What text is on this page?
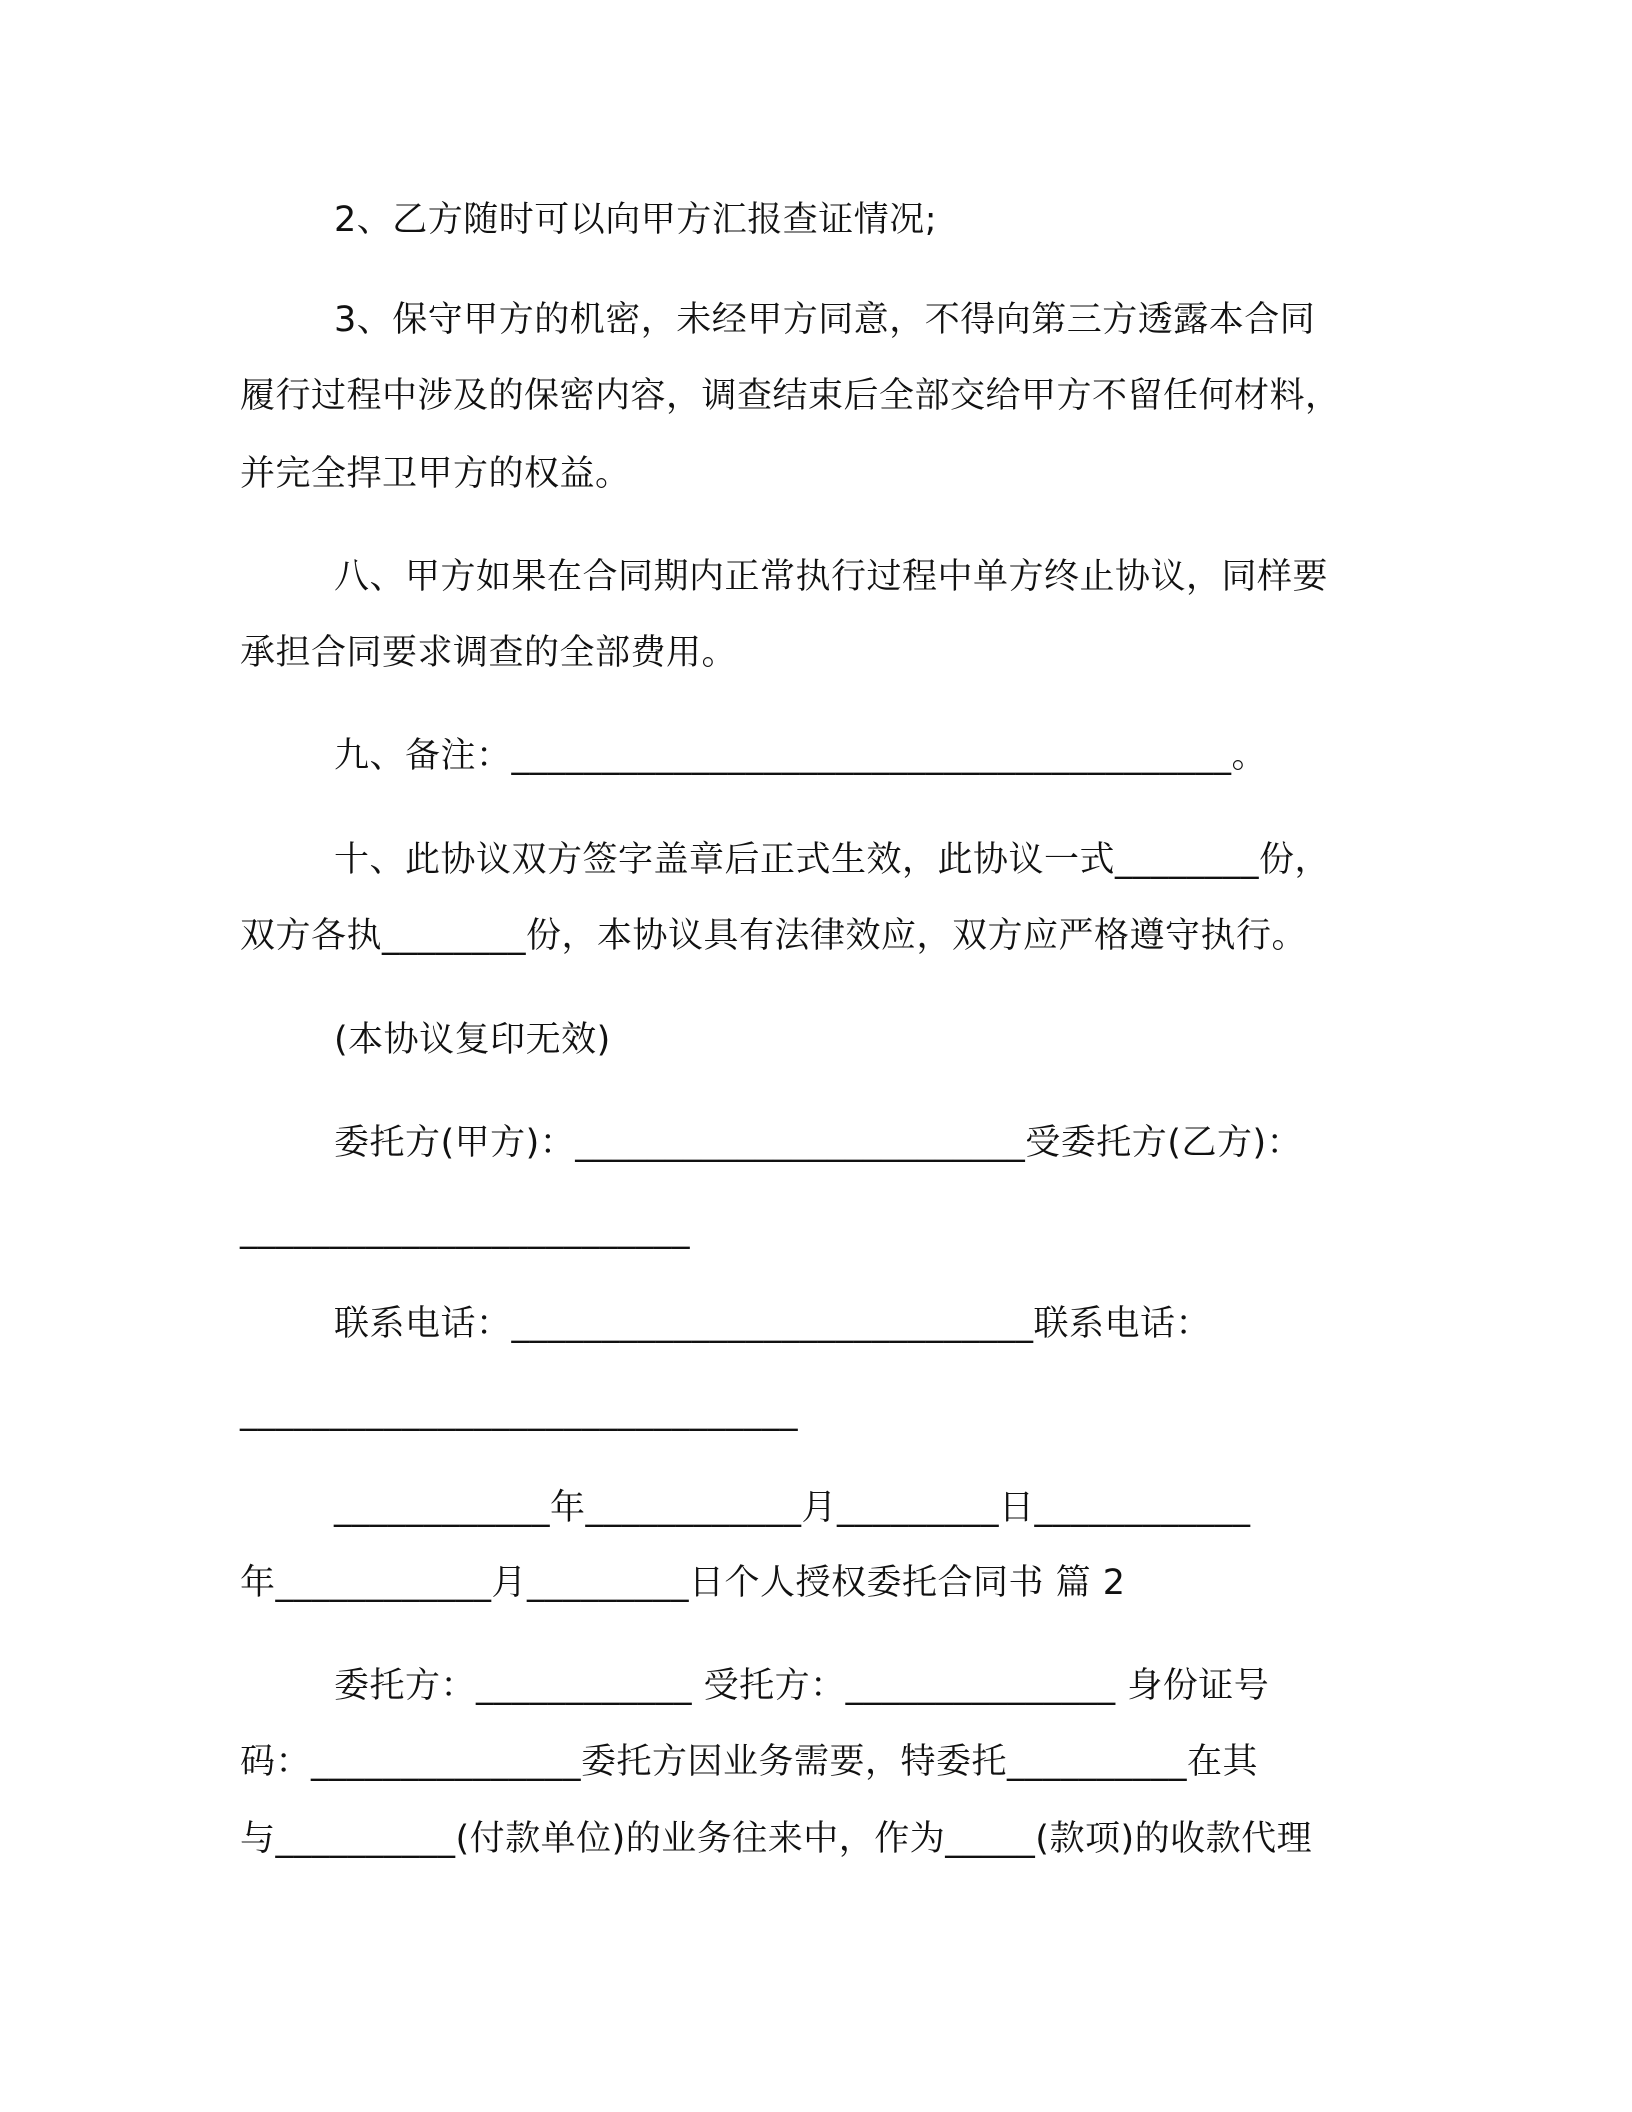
2、乙方随时可以向甲方汇报查证情况;
3、保守甲方的机密，未经甲方同意，不得向第三方透露本合同
履行过程中涉及的保密内容，调查结束后全部交给甲方不留任何材料，
并完全捍卫甲方的权益。
八、甲方如果在合同期内正常执行过程中单方终止协议，同样要
承担合同要求调查的全部费用。
九、备注：________________________________________。
十、此协议双方签字盖章后正式生效，此协议一式________份，
双方各执________份，本协议具有法律效应，双方应严格遵守执行。
(本协议复印无效)
委托方(甲方)：_________________________受委托方(乙方)：
_________________________
联系电话：_____________________________联系电话：
_______________________________
____________年____________月_________日____________
年____________月_________日个人授权委托合同书 篇 2
委托方：____________ 受托方：_______________ 身份证号
码：_______________委托方因业务需要，特委托__________在其
与__________(付款单位)的业务往来中，作为_____(款项)的收款代理
